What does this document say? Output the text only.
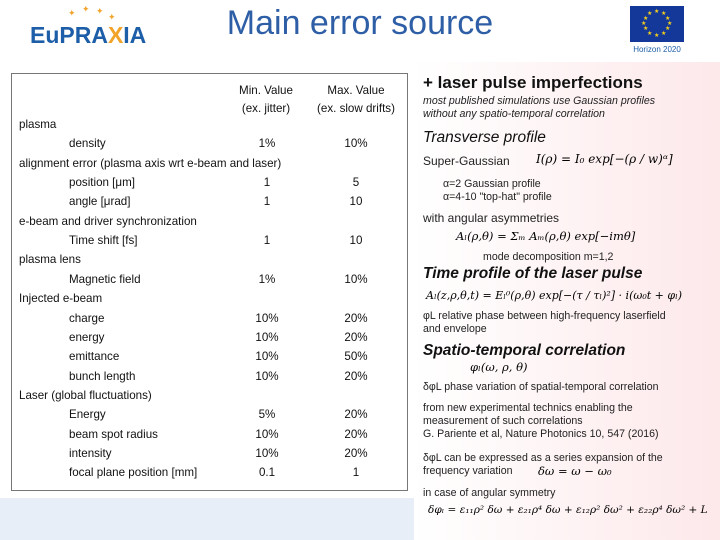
✦ ✦ ✦
✦
EuPRAXIA	Main error source	★ ★
★
★
★
★
★
★
★
★
★
★
Horizon 2020
Min. Value
(ex. jitter)
Max. Value
(ex. slow drifts)
plasma
density	1%	10%
alignment error (plasma axis wrt e-beam and laser)
position [μm]	1	5
angle [μrad]	1	10
e-beam and driver synchronization
Time shift [fs]	1	10
plasma lens
Magnetic field	1%	10%
Injected e-beam
charge	10%	20%
energy	10%	20%
emittance	10%	50%
bunch length	10%	20%
Laser (global fluctuations)
Energy	5%	20%
beam spot radius	10%	20%
intensity	10%	20%
focal plane position [mm]	0.1	1
+ laser pulse imperfections
most published simulations use Gaussian profiles
without any spatio-temporal correlation
Transverse profile
Super-Gaussian I(ρ) = I₀ exp[−(ρ / w)ᵅ]
α=2 Gaussian profile
α=4-10 "top-hat" profile
with angular asymmetries
Aₗ(ρ,θ) = Σₘ Aₘ(ρ,θ) exp[−imθ]
mode decomposition m=1,2
Time profile of the laser pulse
Aₗ(z,ρ,θ,t) = Eₗ⁰(ρ,θ) exp[−(τ / τₗ)²] · i(ω₀t + φₗ)
φL relative phase between high-frequency laserfield
and envelope
Spatio-temporal correlation
φₗ(ω, ρ, θ)
δφL phase variation of spatial-temporal correlation
from new experimental technics enabling the
measurement of such correlations
G. Pariente et al, Nature Photonics 10, 547 (2016)
δφL can be expressed as a series expansion of the
frequency variation	δω = ω − ω₀
in case of angular symmetry
δφₗ = ε₁₁ρ² δω + ε₂₁ρ⁴ δω + ε₁₂ρ² δω² + ε₂₂ρ⁴ δω² + L
